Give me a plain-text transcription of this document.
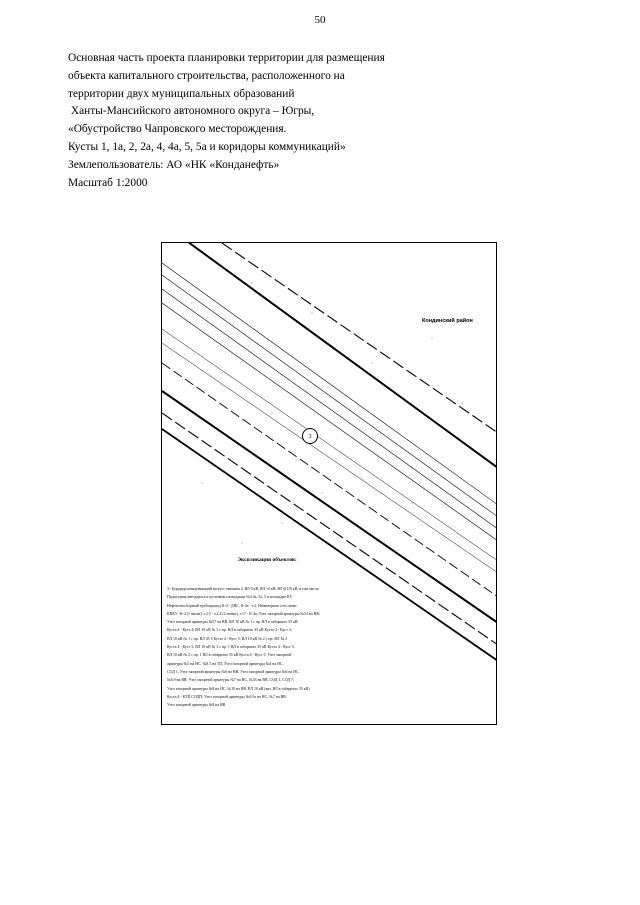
50
Основная часть проекта планировки территории для размещения
объекта капитального строительства, расположенного на
территории двух муниципальных образований
Ханты-Мансийского автономного округа – Югры,
«Обустройство Чапровского месторождения.
Кусты 1, 1а, 2, 2а, 4, 4а, 5, 5а и коридоры коммуникаций»
Землепользователь: АО «НК «Конданефть»
Масштаб 1:2000
Кондинский район
3
Экспликация объектов:
3 - Коридор коммуникаций на куст скважин 4, ВЛ 6 кВ, ВЛ 10 кВ, ВЛ 6(10) кВ, в том числе:
Подъездная автодорога к кустовым площадкам №4 4а, 5а, 5 и площадке КУ.
Нефтегазосборный трубопровод К-4 - ДНС, К-4а - т.2. Инженерная сеть связи
КПКУ -К-4 (1 нитка), т.2.5 - т.2.4 (2 нитки), т.17 - К-4а; Узел запорной арматуры №54 на ВВ;
Узел запорной арматуры №57 на ВВ, ВЛ 10 кВ № 1 с пр. ВЛ в габаритах 35 кВ,
Куста 4 - Куст 4; ВЛ 10 кВ № 3 с пр. ВЛ в габаритах 35 кВ Куста 4 - Куст 4;
ВЛ 10 кВ № 1 с пр. ВЛ 35 1 Куста 4 - Куст 5; ВЛ 10 кВ № 2 с пр. ВЛ № 2
Куста 4 - Куст 5; ВЛ 10 кВ № 3 с пр. 1 ВЛ в габаритах 35 кВ Куста 4 - Куст 5;
ВЛ 10 кВ № 2 с пр. 1 ВЛ в габаритах 35 кВ Куста 4 - Куст 5; Узел запорной
арматуры №5 на НС, №8.5 на ТП, Узел запорной арматуры №4 на НС,
СОД 1, Узел запорной арматуры №6 на НВ, Узел запорной арматуры №6 на НС,
№6.9 на ВВ; Узел запорной арматуры №7 на НС, №33 на ВВ, СОД 1, СОД 7;
Узел запорной арматуры №8 на НС, №10 на ВВ, ВЛ 10 кВ (ваз. ВЛ в габаритах 35 кВ)
Куста 4 - КТП СОДП; Узел запорной арматуры №6.9а на НС, №7 на ВВ;
Узел запорной арматуры №8 на ВВ
